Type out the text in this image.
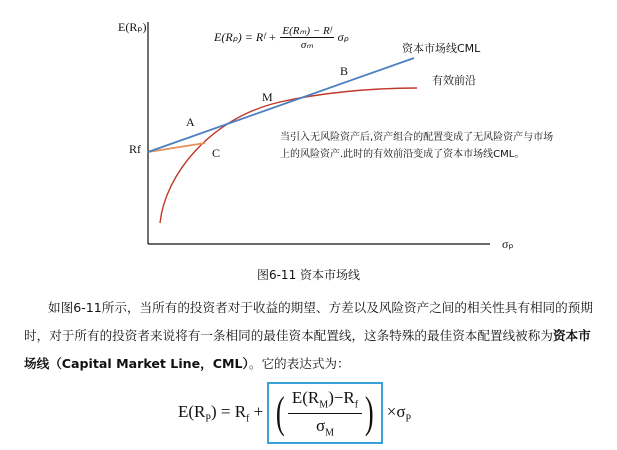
E(Rₚ)
σₚ
Rf
E(Rₚ) = Rᶠ + $\frac{\text{E(Rₘ) − Rᶠ}}{\text{σₘ}}$ σₚ
资本市场线CML
有效前沿
B
M
A
C
当引入无风险资产后,资产组合的配置变成了无风险资产与市场上的风险资产.此时的有效前沿变成了资本市场线CML。
图6-11 资本市场线
如图6-11所示，当所有的投资者对于收益的期望、方差以及风险资产之间的相关性具有相同的预期时，对于所有的投资者来说将有一条相同的最佳资本配置线，这条特殊的最佳资本配置线被称为资本市场线（Capital Market Line，CML）。它的表达式为：
$E(R_P) = R_f$ + ( $\frac{E(R_M)-R_f}{\sigma_M}$ ) $\times\sigma_P$
